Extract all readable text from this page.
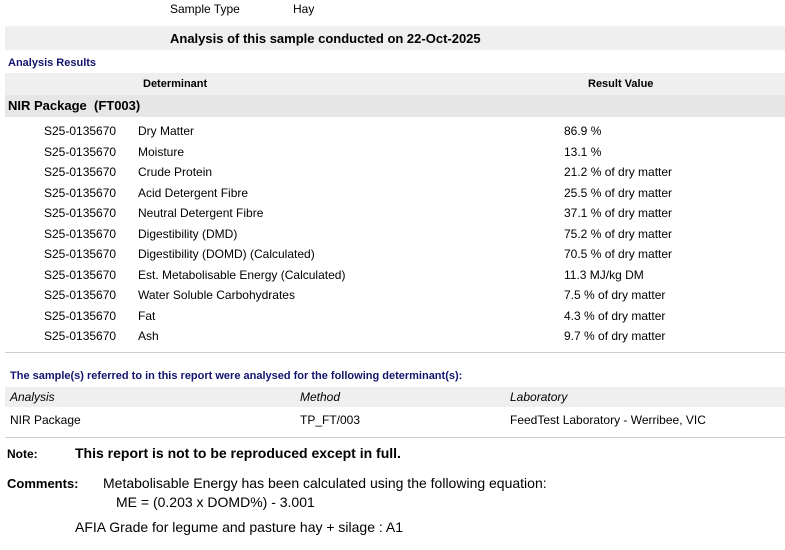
Sample Type	Hay
Analysis of this sample conducted on 22-Oct-2025
Analysis Results
Determinant	Result Value
NIR Package  (FT003)
S25-0135670 Dry Matter	86.9 %
S25-0135670 Moisture	13.1 %
S25-0135670 Crude Protein	21.2 % of dry matter
S25-0135670 Acid Detergent Fibre	25.5 % of dry matter
S25-0135670 Neutral Detergent Fibre	37.1 % of dry matter
S25-0135670 Digestibility (DMD)	75.2 % of dry matter
S25-0135670 Digestibility (DOMD) (Calculated)	70.5 % of dry matter
S25-0135670 Est. Metabolisable Energy (Calculated)	11.3 MJ/kg DM
S25-0135670 Water Soluble Carbohydrates	7.5 % of dry matter
S25-0135670 Fat	4.3 % of dry matter
S25-0135670 Ash	9.7 % of dry matter
The sample(s) referred to in this report were analysed for the following determinant(s):
Analysis	Method	Laboratory
NIR Package	TP_FT/003	FeedTest Laboratory - Werribee, VIC
Note:	This report is not to be reproduced except in full.
Comments: Metabolisable Energy has been calculated using the following equation:
ME = (0.203 x DOMD%) - 3.001
AFIA Grade for legume and pasture hay + silage : A1
